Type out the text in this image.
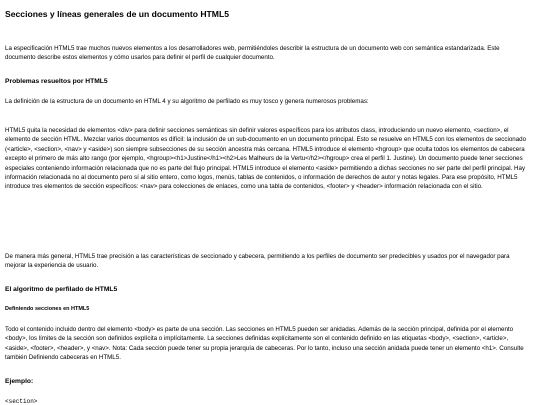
Secciones y líneas generales de un documento HTML5

La especificación HTML5 trae muchos nuevos elementos a los desarrolladores web, permitiéndoles describir la estructura de un documento web con semántica estandarizada. Este documento describe estos elementos y cómo usarlos para definir el perfil de cualquier documento.

Problemas resueltos por HTML5

La definición de la estructura de un documento en HTML 4 y su algoritmo de perfilado es muy tosco y genera numerosos problemas:

HTML5 quita la necesidad de elementos <div> para definir secciones semánticas sin definir valores específicos para los atributos class, introduciendo un nuevo elemento, <section>, el elemento de sección HTML. Mezclar varios documentos es difícil: la inclusión de un sub-documento en un documento principal. Esto se resuelve en HTML5 con los elementos de seccionado (<article>, <section>, <nav> y <aside>) son siempre subsecciones de su sección ancestra más cercana. HTML5 introduce el elemento <hgroup> que oculta todos los elementos de cabecera excepto el primero de más alto rango (por ejemplo, <hgroup><h1>Justine</h1><h2>Les Malheurs de la Vertu</h2></hgroup> crea el perfil 1. Justine). Un documento puede tener secciones especiales conteniendo información relacionada que no es parte del flujo principal. HTML5 introduce el elemento <aside> permitiendo a dichas secciones no ser parte del perfil principal. Hay información relacionada no al documento pero sí al sitio entero, como logos, menús, tablas de contenidos, o información de derechos de autor y notas legales. Para ese propósito, HTML5 introduce tres elementos de sección específicos: <nav> para colecciones de enlaces, como una tabla de contenidos, <footer> y <header> información relacionada con el sitio.

De manera más general, HTML5 trae precisión a las características de seccionado y cabecera, permitiendo a los perfiles de documento ser predecibles y usados por el navegador para mejorar la experiencia de usuario.

El algoritmo de perfilado de HTML5
Definiendo secciones en HTML5

Todo el contenido incluido dentro del elemento <body> es parte de una sección. Las secciones en HTML5 pueden ser anidadas. Además de la sección principal, definida por el elemento <body>, los límites de la sección son definidos explícita o implícitamente. La secciones definidas explícitamente son el contenido definido en las etiquetas <body>, <section>, <article>, <aside>, <footer>, <header>, y <nav>. Nota: Cada sección puede tener su propia jerarquía de cabeceras. Por lo tanto, incluso una sección anidada puede tener un elemento <h1>. Consulte también Definiendo cabeceras en HTML5.

Ejemplo:
<section>
